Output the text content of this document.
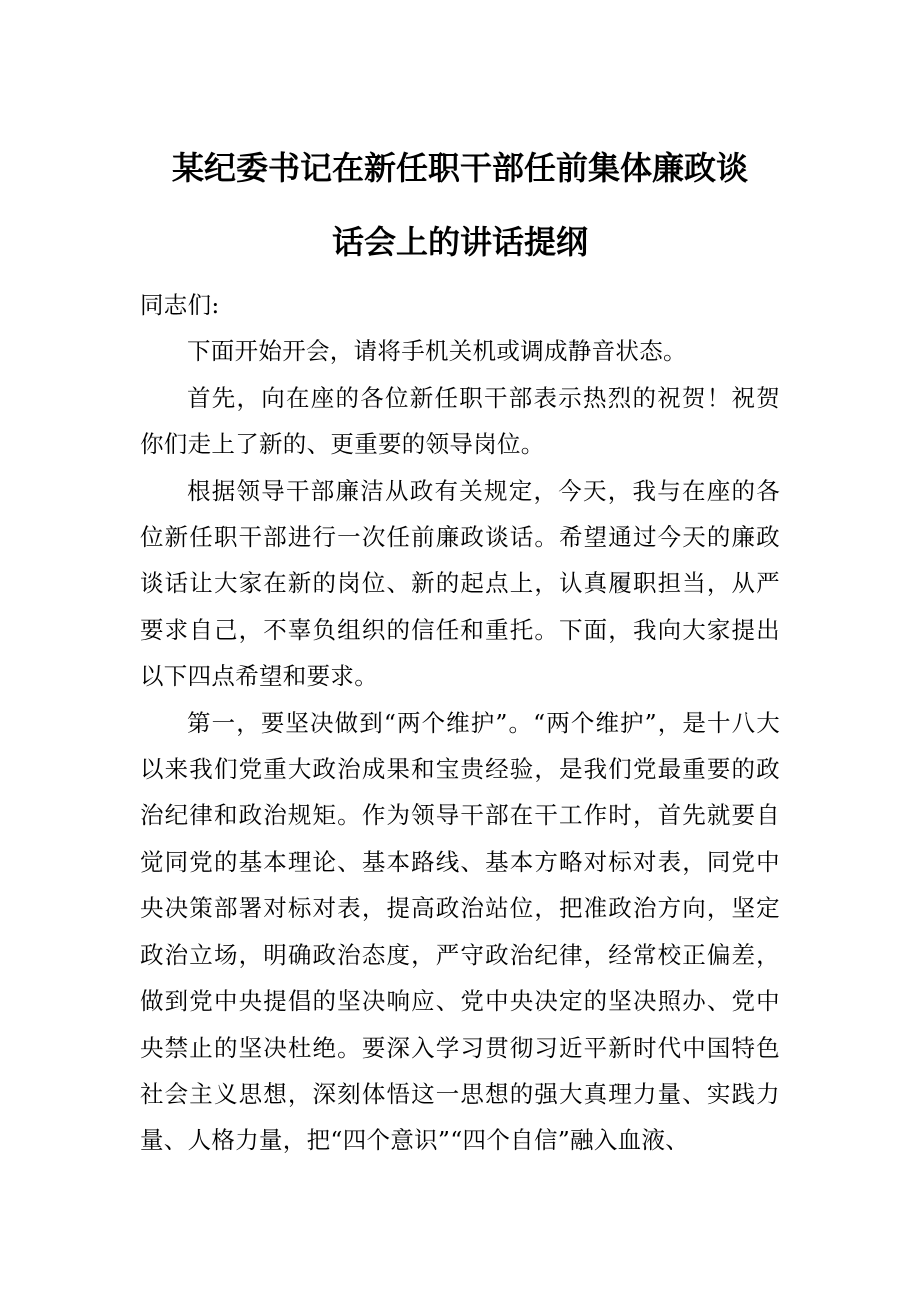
某纪委书记在新任职干部任前集体廉政谈
话会上的讲话提纲

同志们:

下面开始开会，请将手机关机或调成静音状态。

首先，向在座的各位新任职干部表示热烈的祝贺！祝贺你们走上了新的、更重要的领导岗位。

根据领导干部廉洁从政有关规定，今天，我与在座的各位新任职干部进行一次任前廉政谈话。希望通过今天的廉政谈话让大家在新的岗位、新的起点上，认真履职担当，从严要求自己，不辜负组织的信任和重托。下面，我向大家提出以下四点希望和要求。

第一，要坚决做到“两个维护”。“两个维护”，是十八大以来我们党重大政治成果和宝贵经验，是我们党最重要的政治纪律和政治规矩。作为领导干部在干工作时，首先就要自觉同党的基本理论、基本路线、基本方略对标对表，同党中央决策部署对标对表，提高政治站位，把准政治方向，坚定政治立场，明确政治态度，严守政治纪律，经常校正偏差，做到党中央提倡的坚决响应、党中央决定的坚决照办、党中央禁止的坚决杜绝。要深入学习贯彻习近平新时代中国特色社会主义思想，深刻体悟这一思想的强大真理力量、实践力量、人格力量，把“四个意识”“四个自信”融入血液、
